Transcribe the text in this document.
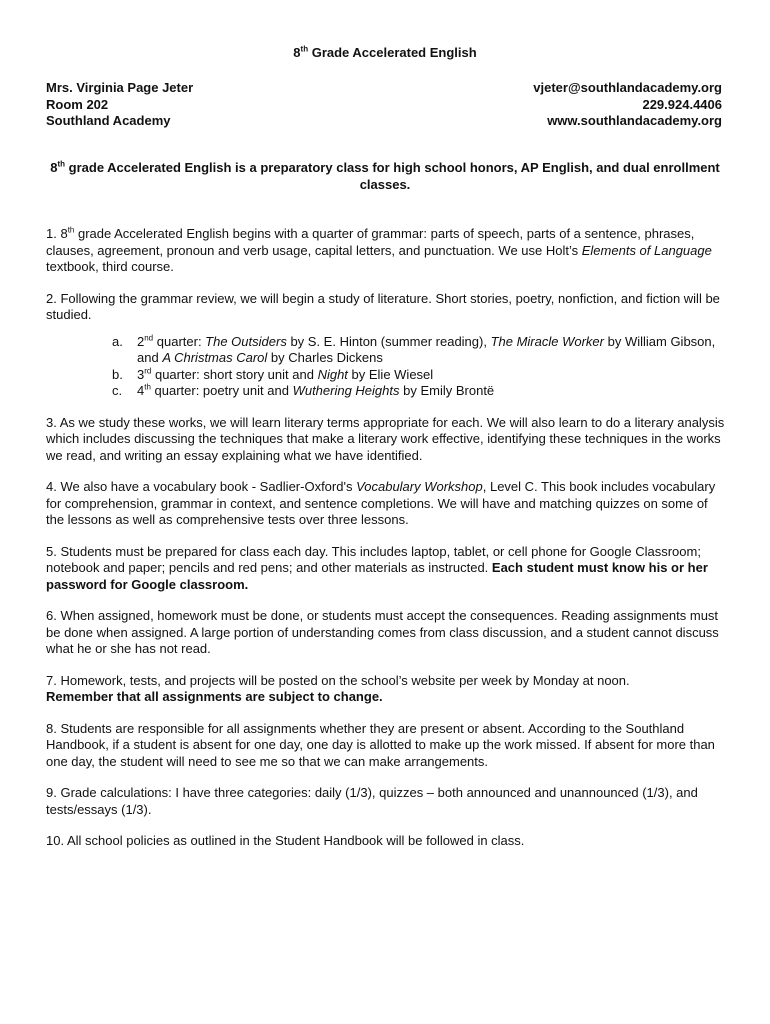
8th Grade Accelerated English
Mrs. Virginia Page Jeter
Room 202
Southland Academy
vjeter@southlandacademy.org
229.924.4406
www.southlandacademy.org
8th grade Accelerated English is a preparatory class for high school honors, AP English, and dual enrollment classes.

1. 8th grade Accelerated English begins with a quarter of grammar: parts of speech, parts of a sentence, phrases, clauses, agreement, pronoun and verb usage, capital letters, and punctuation. We use Holt’s Elements of Language textbook, third course.

2. Following the grammar review, we will begin a study of literature. Short stories, poetry, nonfiction, and fiction will be studied.

a. 2nd quarter: The Outsiders by S. E. Hinton (summer reading), The Miracle Worker by William Gibson, and A Christmas Carol by Charles Dickens
b. 3rd quarter: short story unit and Night by Elie Wiesel
c. 4th quarter: poetry unit and Wuthering Heights by Emily Brontë

3. As we study these works, we will learn literary terms appropriate for each. We will also learn to do a literary analysis which includes discussing the techniques that make a literary work effective, identifying these techniques in the works we read, and writing an essay explaining what we have identified.

4. We also have a vocabulary book - Sadlier-Oxford's Vocabulary Workshop, Level C. This book includes vocabulary for comprehension, grammar in context, and sentence completions. We will have and matching quizzes on some of the lessons as well as comprehensive tests over three lessons.

5. Students must be prepared for class each day. This includes laptop, tablet, or cell phone for Google Classroom; notebook and paper; pencils and red pens; and other materials as instructed. Each student must know his or her password for Google classroom.

6. When assigned, homework must be done, or students must accept the consequences. Reading assignments must be done when assigned. A large portion of understanding comes from class discussion, and a student cannot discuss what he or she has not read.

7. Homework, tests, and projects will be posted on the school’s website per week by Monday at noon.
Remember that all assignments are subject to change.

8. Students are responsible for all assignments whether they are present or absent. According to the Southland Handbook, if a student is absent for one day, one day is allotted to make up the work missed. If absent for more than one day, the student will need to see me so that we can make arrangements.

9. Grade calculations: I have three categories: daily (1/3), quizzes – both announced and unannounced (1/3), and tests/essays (1/3).

10. All school policies as outlined in the Student Handbook will be followed in class.
